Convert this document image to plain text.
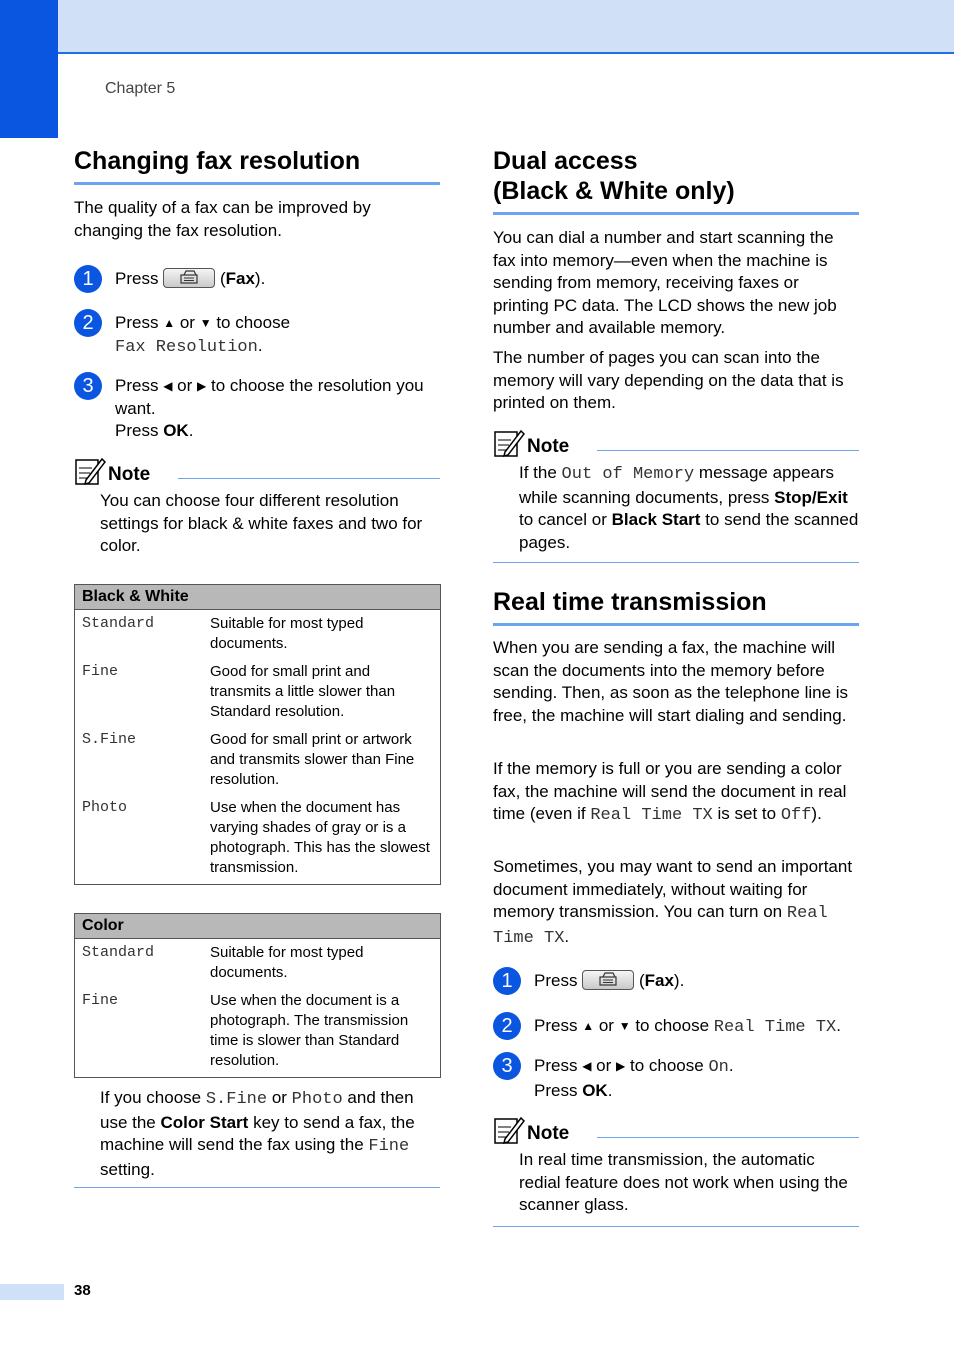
Chapter 5
Changing fax resolution

The quality of a fax can be improved by changing the fax resolution.

1	Press	(Fax).
2	Press ▲ or ▼ to choose
Fax Resolution.
3	Press ◀ or ▶ to choose the resolution you want.
Press OK.
Note
You can choose four different resolution settings for black & white faxes and two for color.
Black & White	
Standard	Suitable for most typed documents.
Fine	Good for small print and transmits a little slower than Standard resolution.
S.Fine	Good for small print or artwork and transmits slower than Fine resolution.
Photo	Use when the document has varying shades of gray or is a photograph. This has the slowest transmission.
Color	
Standard	Suitable for most typed documents.
Fine	Use when the document is a photograph. The transmission time is slower than Standard resolution.
If you choose S.Fine or Photo and then use the Color Start key to send a fax, the machine will send the fax using the Fine setting.
Dual access
(Black & White only)

You can dial a number and start scanning the fax into memory—even when the machine is sending from memory, receiving faxes or printing PC data. The LCD shows the new job number and available memory.

The number of pages you can scan into the memory will vary depending on the data that is printed on them.

Note
If the Out of Memory message appears while scanning documents, press Stop/Exit to cancel or Black Start to send the scanned pages.
Real time transmission

When you are sending a fax, the machine will scan the documents into the memory before sending. Then, as soon as the telephone line is free, the machine will start dialing and sending.

If the memory is full or you are sending a color fax, the machine will send the document in real time (even if Real Time TX is set to Off).

Sometimes, you may want to send an important document immediately, without waiting for memory transmission. You can turn on Real Time TX.

1	Press	(Fax).
2	Press ▲ or ▼ to choose Real Time TX.
3	Press ◀ or ▶ to choose On.
Press OK.
Note
In real time transmission, the automatic redial feature does not work when using the scanner glass.
38
